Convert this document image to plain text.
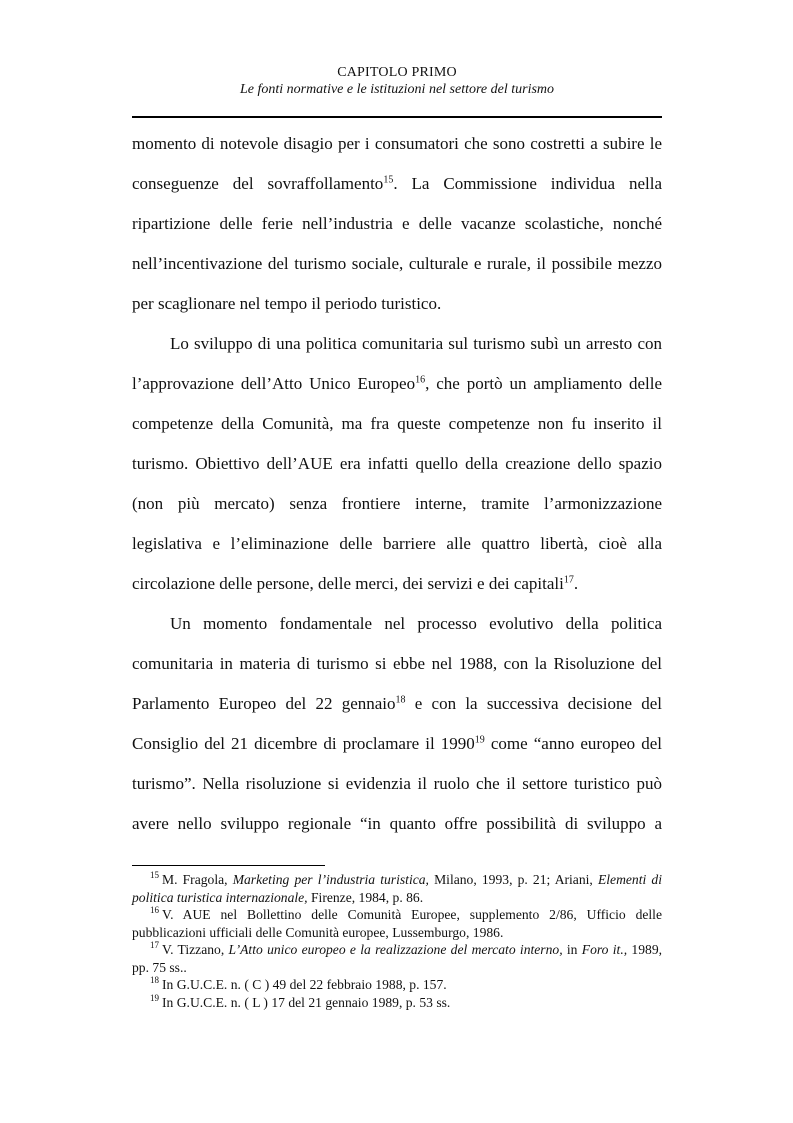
CAPITOLO PRIMO
Le fonti normative e le istituzioni nel settore del turismo

momento di notevole disagio per i consumatori che sono costretti a subire le conseguenze del sovraffollamento$^{15}$. La Commissione individua nella ripartizione delle ferie nell’industria e delle vacanze scolastiche, nonché nell’incentivazione del turismo sociale, culturale e rurale, il possibile mezzo per scaglionare nel tempo il periodo turistico.

Lo sviluppo di una politica comunitaria sul turismo subì un arresto con l’approvazione dell’Atto Unico Europeo$^{16}$, che portò un ampliamento delle competenze della Comunità, ma fra queste competenze non fu inserito il turismo. Obiettivo dell’AUE era infatti quello della creazione dello spazio (non più mercato) senza frontiere interne, tramite l’armonizzazione legislativa e l’eliminazione delle barriere alle quattro libertà, cioè alla circolazione delle persone, delle merci, dei servizi e dei capitali$^{17}$.

Un momento fondamentale nel processo evolutivo della politica comunitaria in materia di turismo si ebbe nel 1988, con la Risoluzione del Parlamento Europeo del 22 gennaio$^{18}$ e con la successiva decisione del Consiglio del 21 dicembre di proclamare il 1990$^{19}$ come “anno europeo del turismo”. Nella risoluzione si evidenzia il ruolo che il settore turistico può avere nello sviluppo regionale “in quanto offre possibilità di sviluppo a

$^{15}$ M. Fragola, Marketing per l’industria turistica, Milano, 1993, p. 21; Ariani, Elementi di politica turistica internazionale, Firenze, 1984, p. 86.

$^{16}$ V. AUE nel Bollettino delle Comunità Europee, supplemento 2/86, Ufficio delle pubblicazioni ufficiali delle Comunità europee, Lussemburgo, 1986.

$^{17}$ V. Tizzano, L’Atto unico europeo e la realizzazione del mercato interno, in Foro it., 1989, pp. 75 ss..

$^{18}$ In G.U.C.E. n. ( C ) 49 del 22 febbraio 1988, p. 157.

$^{19}$ In G.U.C.E. n. ( L ) 17 del 21 gennaio 1989, p. 53 ss.
